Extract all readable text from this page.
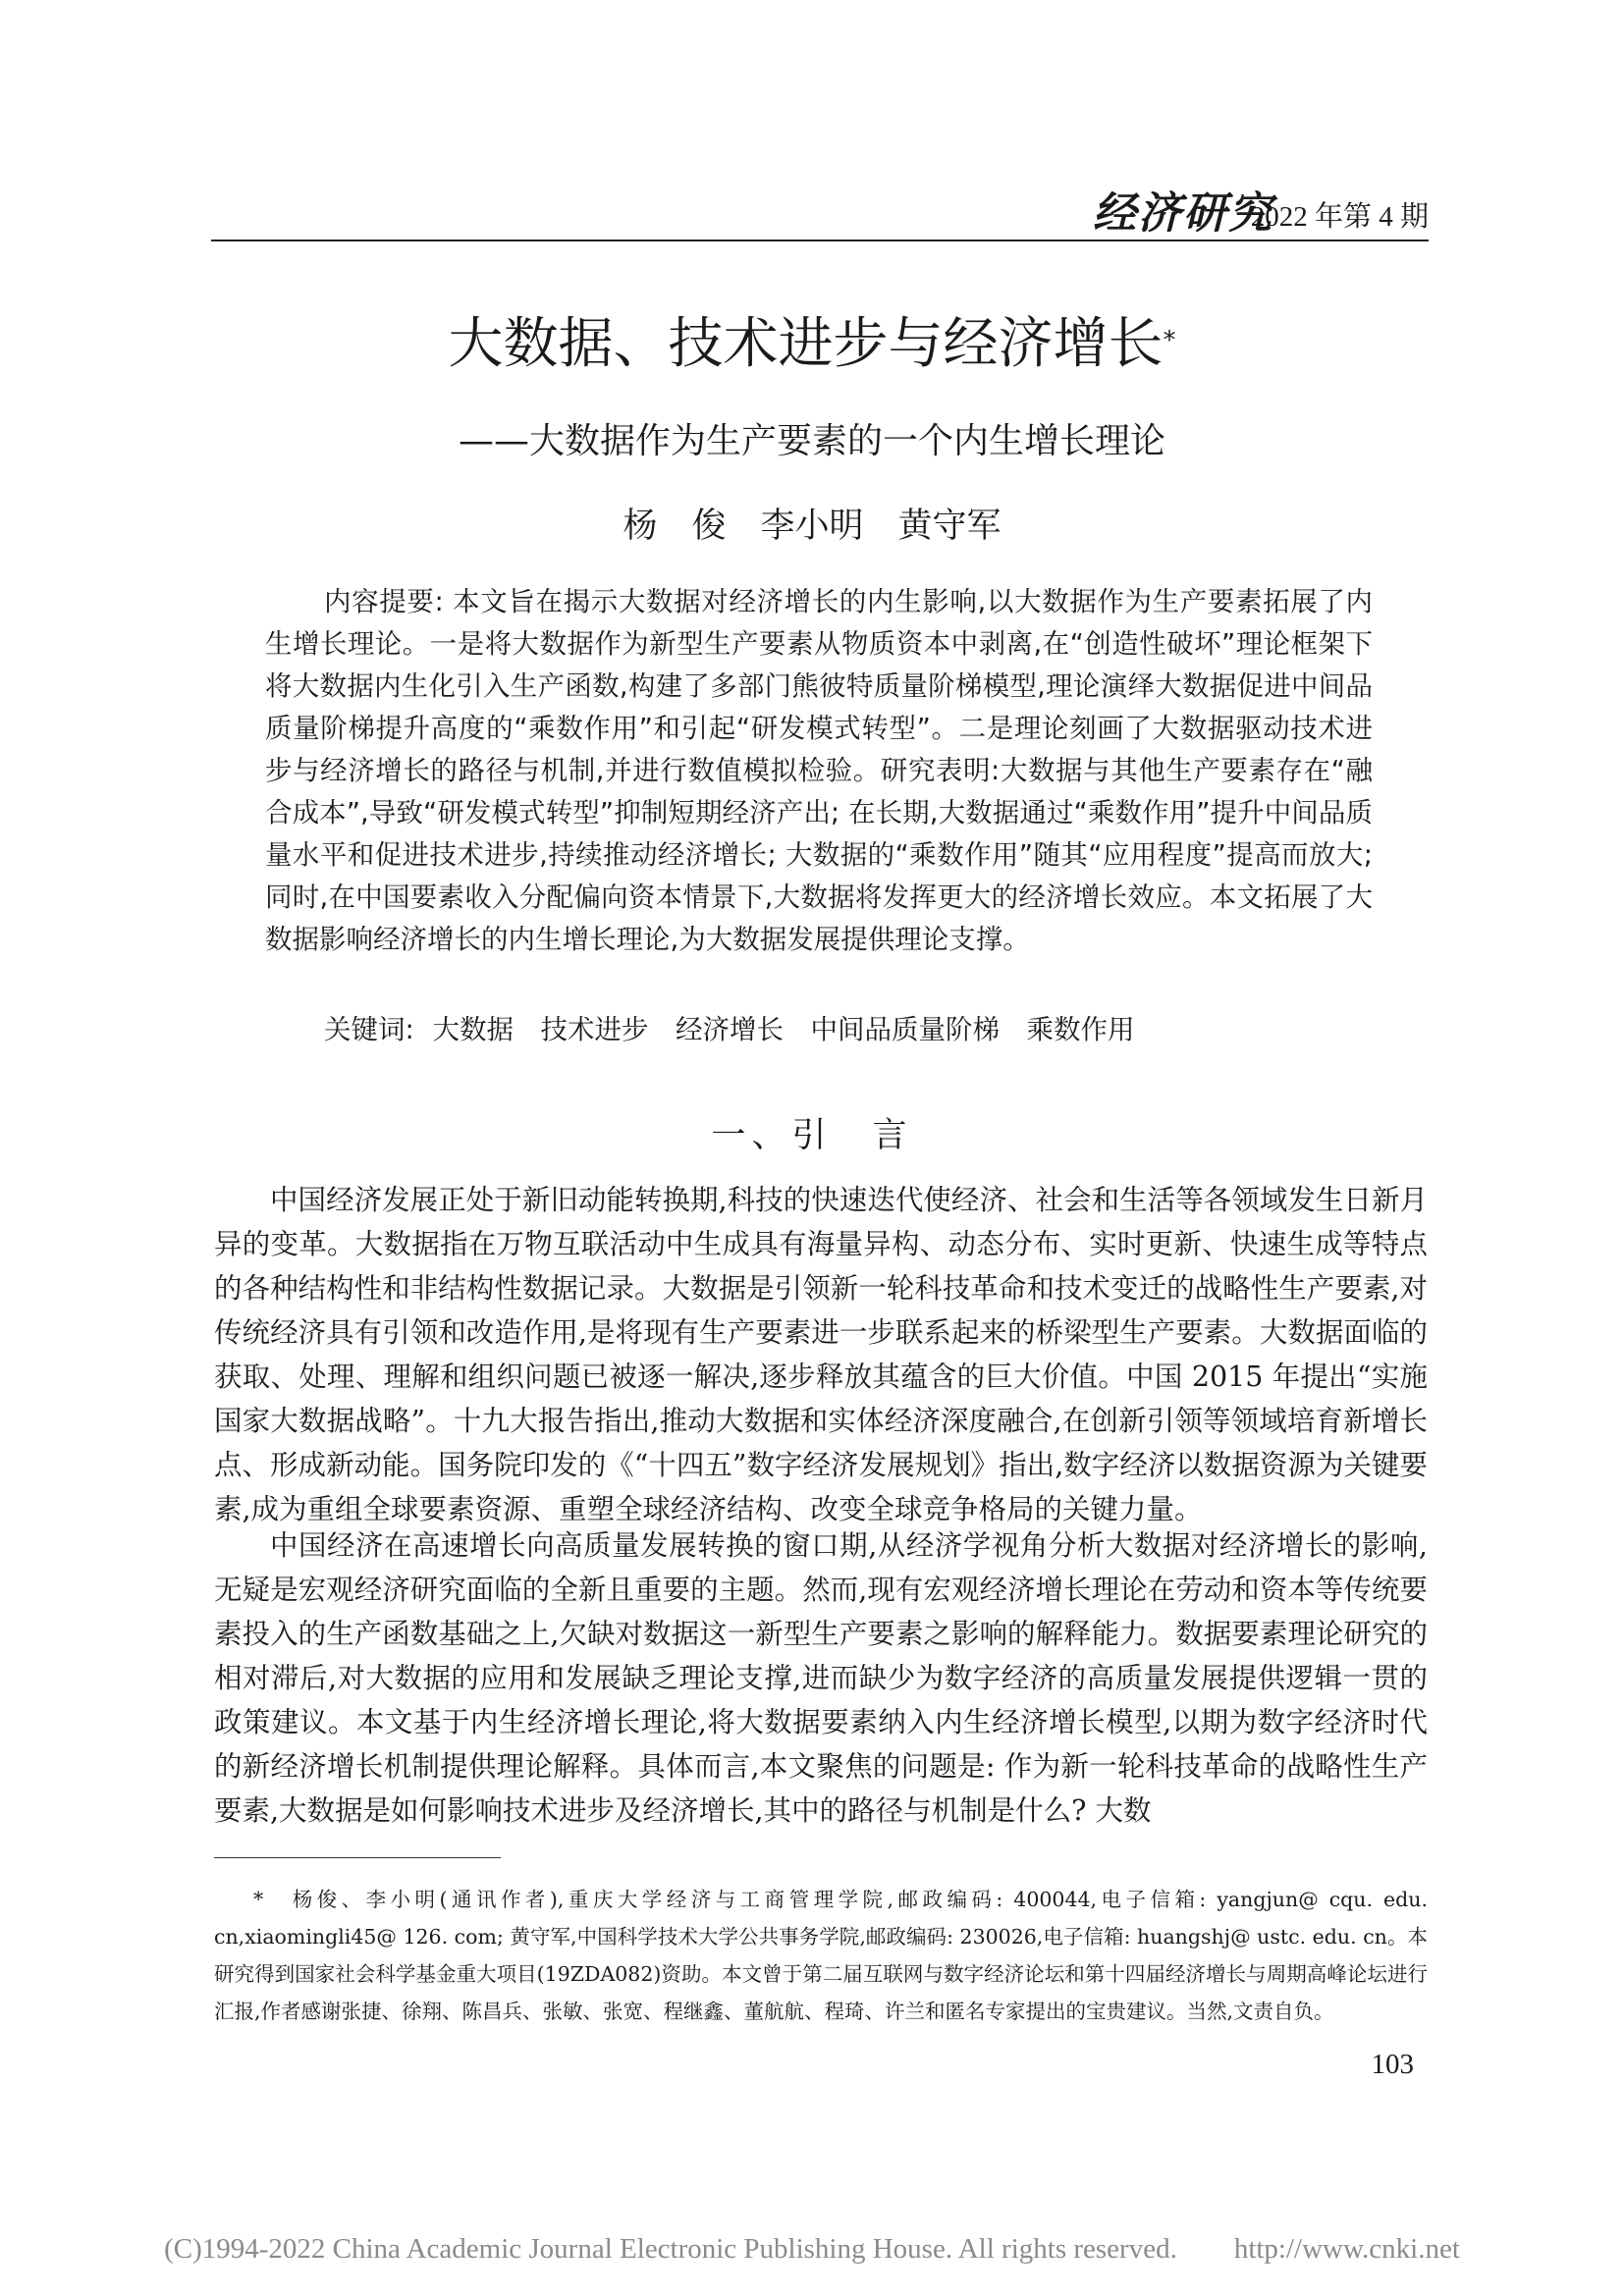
经济研究
2022 年第 4 期
大数据、技术进步与经济增长*
——大数据作为生产要素的一个内生增长理论
杨　俊　李小明　黄守军

内容提要: 本文旨在揭示大数据对经济增长的内生影响,以大数据作为生产要素拓展了内生增长理论。一是将大数据作为新型生产要素从物质资本中剥离,在“创造性破坏”理论框架下将大数据内生化引入生产函数,构建了多部门熊彼特质量阶梯模型,理论演绎大数据促进中间品质量阶梯提升高度的“乘数作用”和引起“研发模式转型”。二是理论刻画了大数据驱动技术进步与经济增长的路径与机制,并进行数值模拟检验。研究表明:大数据与其他生产要素存在“融合成本”,导致“研发模式转型”抑制短期经济产出; 在长期,大数据通过“乘数作用”提升中间品质量水平和促进技术进步,持续推动经济增长; 大数据的“乘数作用”随其“应用程度”提高而放大; 同时,在中国要素收入分配偏向资本情景下,大数据将发挥更大的经济增长效应。本文拓展了大数据影响经济增长的内生增长理论,为大数据发展提供理论支撑。

关键词: 大数据　技术进步　经济增长　中间品质量阶梯　乘数作用
一、引　言

中国经济发展正处于新旧动能转换期,科技的快速迭代使经济、社会和生活等各领域发生日新月异的变革。大数据指在万物互联活动中生成具有海量异构、动态分布、实时更新、快速生成等特点的各种结构性和非结构性数据记录。大数据是引领新一轮科技革命和技术变迁的战略性生产要素,对传统经济具有引领和改造作用,是将现有生产要素进一步联系起来的桥梁型生产要素。大数据面临的获取、处理、理解和组织问题已被逐一解决,逐步释放其蕴含的巨大价值。中国 2015 年提出“实施国家大数据战略”。十九大报告指出,推动大数据和实体经济深度融合,在创新引领等领域培育新增长点、形成新动能。国务院印发的《“十四五”数字经济发展规划》指出,数字经济以数据资源为关键要素,成为重组全球要素资源、重塑全球经济结构、改变全球竞争格局的关键力量。

中国经济在高速增长向高质量发展转换的窗口期,从经济学视角分析大数据对经济增长的影响,无疑是宏观经济研究面临的全新且重要的主题。然而,现有宏观经济增长理论在劳动和资本等传统要素投入的生产函数基础之上,欠缺对数据这一新型生产要素之影响的解释能力。数据要素理论研究的相对滞后,对大数据的应用和发展缺乏理论支撑,进而缺少为数字经济的高质量发展提供逻辑一贯的政策建议。本文基于内生经济增长理论,将大数据要素纳入内生经济增长模型,以期为数字经济时代的新经济增长机制提供理论解释。具体而言,本文聚焦的问题是: 作为新一轮科技革命的战略性生产要素,大数据是如何影响技术进步及经济增长,其中的路径与机制是什么? 大数

*　杨俊、李小明(通讯作者),重庆大学经济与工商管理学院,邮政编码: 400044,电子信箱: yangjun@ cqu. edu. cn,xiaomingli45@ 126. com; 黄守军,中国科学技术大学公共事务学院,邮政编码: 230026,电子信箱: huangshj@ ustc. edu. cn。本研究得到国家社会科学基金重大项目(19ZDA082)资助。本文曾于第二届互联网与数字经济论坛和第十四届经济增长与周期高峰论坛进行汇报,作者感谢张捷、徐翔、陈昌兵、张敏、张宽、程继鑫、董航航、程琦、许兰和匿名专家提出的宝贵建议。当然,文责自负。

103
(C)1994-2022 China Academic Journal Electronic Publishing House. All rights reserved.　　http://www.cnki.net
